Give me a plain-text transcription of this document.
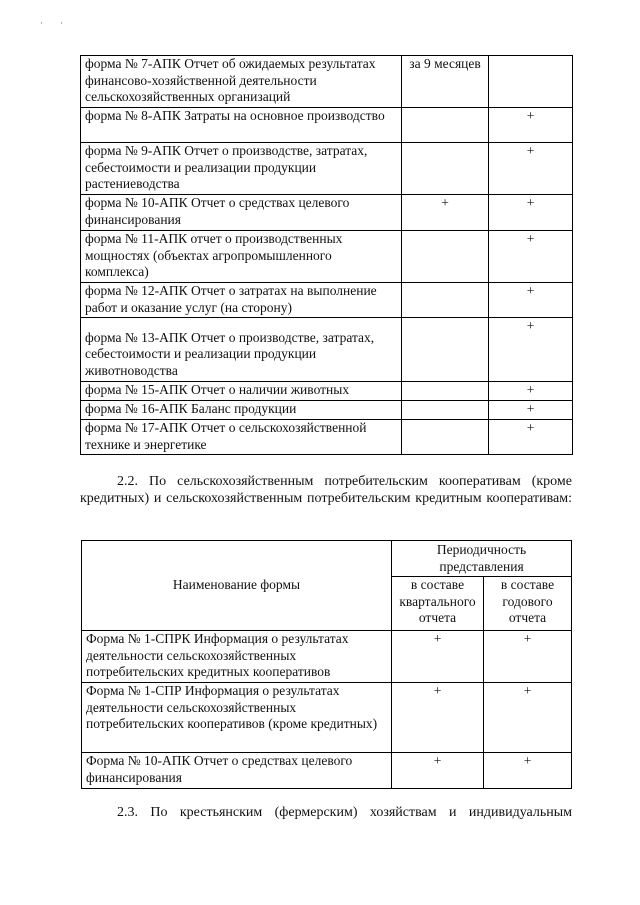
· ·
форма № 7-АПК Отчет об ожидаемых результатах финансово-хозяйственной деятельности сельскохозяйственных организаций	за 9 месяцев	
форма № 8-АПК Затраты на основное производство		+
форма № 9-АПК Отчет о производстве, затратах, себестоимости и реализации продукции растениеводства		+
форма № 10-АПК Отчет о средствах целевого финансирования	+	+
форма № 11-АПК отчет о производственных мощностях (объектах агропромышленного комплекса)		+
форма № 12-АПК Отчет о затратах на выполнение работ и оказание услуг (на сторону)		+
форма № 13-АПК Отчет о производстве, затратах, себестоимости и реализации продукции животноводства		+
форма № 15-АПК Отчет о наличии животных		+
форма № 16-АПК Баланс продукции		+
форма № 17-АПК Отчет о сельскохозяйственной технике и энергетике		+

2.2. По сельскохозяйственным потребительским кооперативам (кроме кредитных) и сельскохозяйственным потребительским кредитным кооперативам:

Наименование формы	Периодичность представления	
	в составе квартального отчета	в составе годового отчета
Форма № 1-СПРК Информация о результатах деятельности сельскохозяйственных потребительских кредитных кооперативов	+	+
Форма № 1-СПР Информация о результатах деятельности сельскохозяйственных потребительских кооперативов (кроме кредитных)	+	+
Форма № 10-АПК Отчет о средствах целевого финансирования	+	+

2.3. По крестьянским (фермерским) хозяйствам и индивидуальным
